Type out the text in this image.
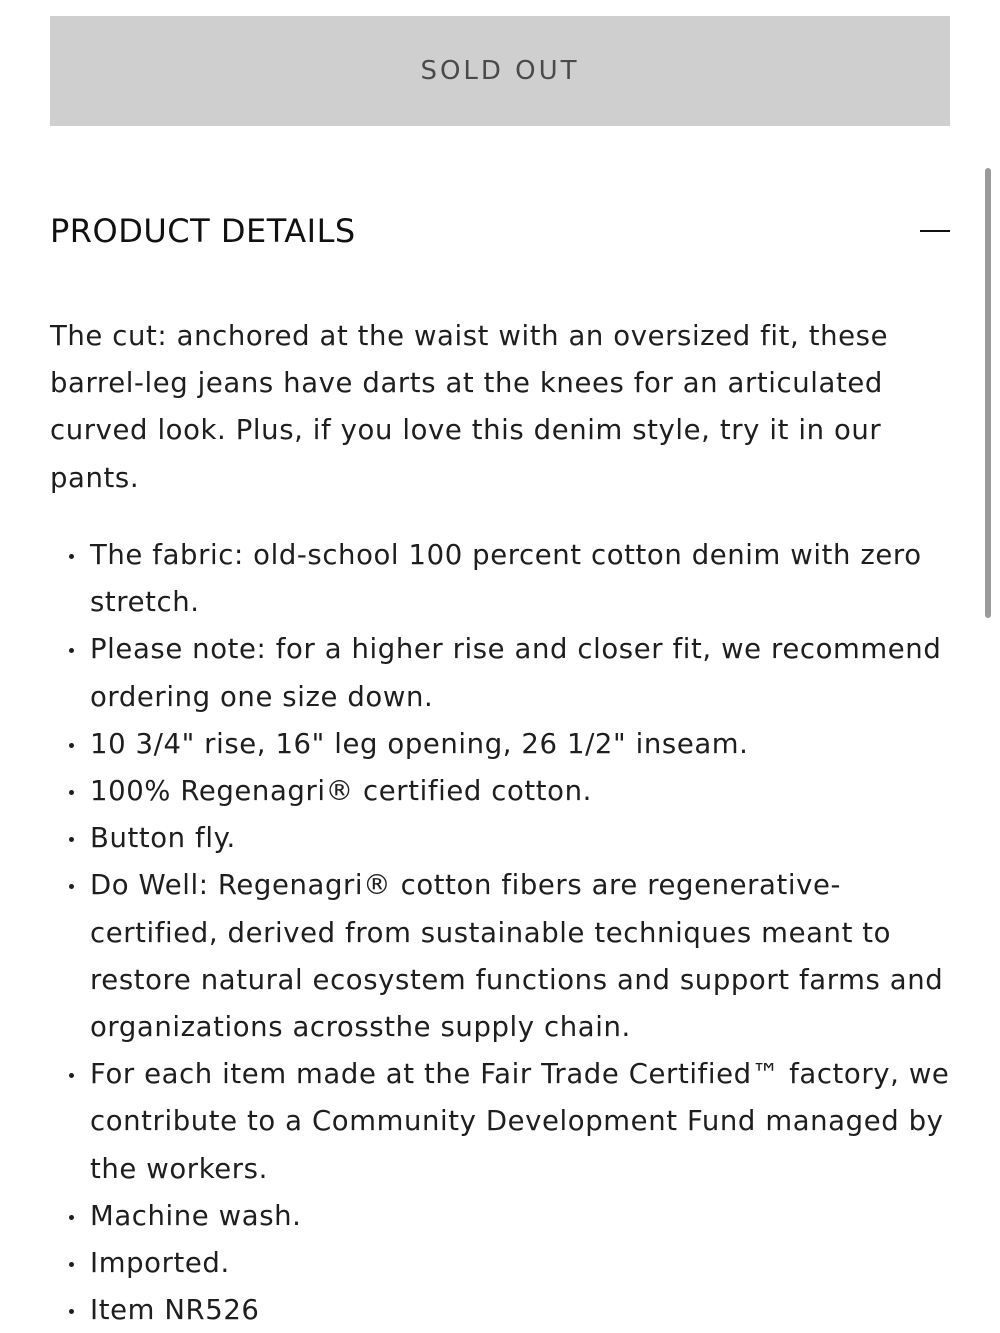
SOLD OUT
PRODUCT DETAILS

The cut: anchored at the waist with an oversized fit, these barrel-leg jeans have darts at the knees for an articulated curved look. Plus, if you love this denim style, try it in our pants.

The fabric: old-school 100 percent cotton denim with zero stretch.
Please note: for a higher rise and closer fit, we recommend ordering one size down.
10 3/4" rise, 16" leg opening, 26 1/2" inseam.
100% Regenagri® certified cotton.
Button fly.
Do Well: Regenagri® cotton fibers are regenerative-certified, derived from sustainable techniques meant to restore natural ecosystem functions and support farms and organizations acrossthe supply chain.
For each item made at the Fair Trade Certified™ factory, we contribute to a Community Development Fund managed by the workers.
Machine wash.
Imported.
Item NR526
